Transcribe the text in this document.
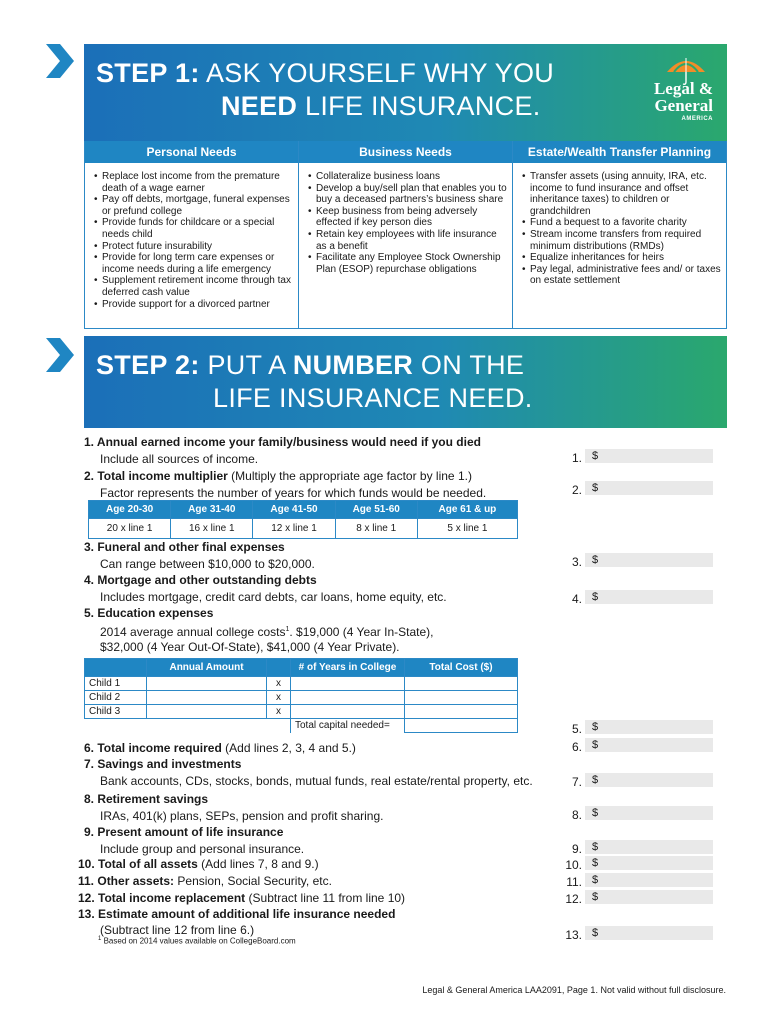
STEP 1: ASK YOURSELF WHY YOU
NEED LIFE INSURANCE.
Legal &
General
AMERICA
Personal Needs
• Replace lost income from the premature death of a wage earner
• Pay off debts, mortgage, funeral expenses or prefund college
• Provide funds for childcare or a special needs child
• Protect future insurability
• Provide for long term care expenses or income needs during a life emergency
• Supplement retirement income through tax deferred cash value
• Provide support for a divorced partner
Business Needs
• Collateralize business loans
• Develop a buy/sell plan that enables you to buy a deceased partners’s business share
• Keep business from being adversely effected if key person dies
• Retain key employees with life insurance as a benefit
• Facilitate any Employee Stock Ownership Plan (ESOP) repurchase obligations
Estate/Wealth Transfer Planning
• Transfer assets (using annuity, IRA, etc. income to fund insurance and offset inheritance taxes) to children or grandchildren
• Fund a bequest to a favorite charity
• Stream income transfers from required minimum distributions (RMDs)
• Equalize inheritances for heirs
• Pay legal, administrative fees and/ or taxes on estate settlement
STEP 2: PUT A NUMBER ON THE
LIFE INSURANCE NEED.
1. Annual earned income your family/business would need if you died
Include all sources of income.
2. Total income multiplier (Multiply the appropriate age factor by line 1.)
Factor represents the number of years for which funds would be needed.
Age 20-30	Age 31-40	Age 41-50	Age 51-60	Age 61 & up
20 x line 1	16 x line 1	12 x line 1	8 x line 1	5 x line 1
3. Funeral and other final expenses
Can range between $10,000 to $20,000.
4. Mortgage and other outstanding debts
Includes mortgage, credit card debts, car loans, home equity, etc.
5. Education expenses
2014 average annual college costs$^1$. $19,000 (4 Year In-State),
$32,000 (4 Year Out-Of-State), $41,000 (4 Year Private).
	Annual Amount		# of Years in College	Total Cost ($)
Child 1		x		
Child 2		x		
Child 3		x		
			Total capital needed=	
6. Total income required (Add lines 2, 3, 4 and 5.)
7. Savings and investments
Bank accounts, CDs, stocks, bonds, mutual funds, real estate/rental property, etc.
8. Retirement savings
IRAs, 401(k) plans, SEPs, pension and profit sharing.
9. Present amount of life insurance
Include group and personal insurance.
10. Total of all assets (Add lines 7, 8 and 9.)
11. Other assets: Pension, Social Security, etc.
12. Total income replacement (Subtract line 11 from line 10)
13. Estimate amount of additional life insurance needed
(Subtract line 12 from line 6.)
$^1$ Based on 2014 values available on CollegeBoard.com
1. $
2. $
3. $
4. $
5. $
6. $
7. $
8. $
9. $
10. $
11. $
12. $
13. $
Legal & General America LAA2091, Page 1. Not valid without full disclosure.
